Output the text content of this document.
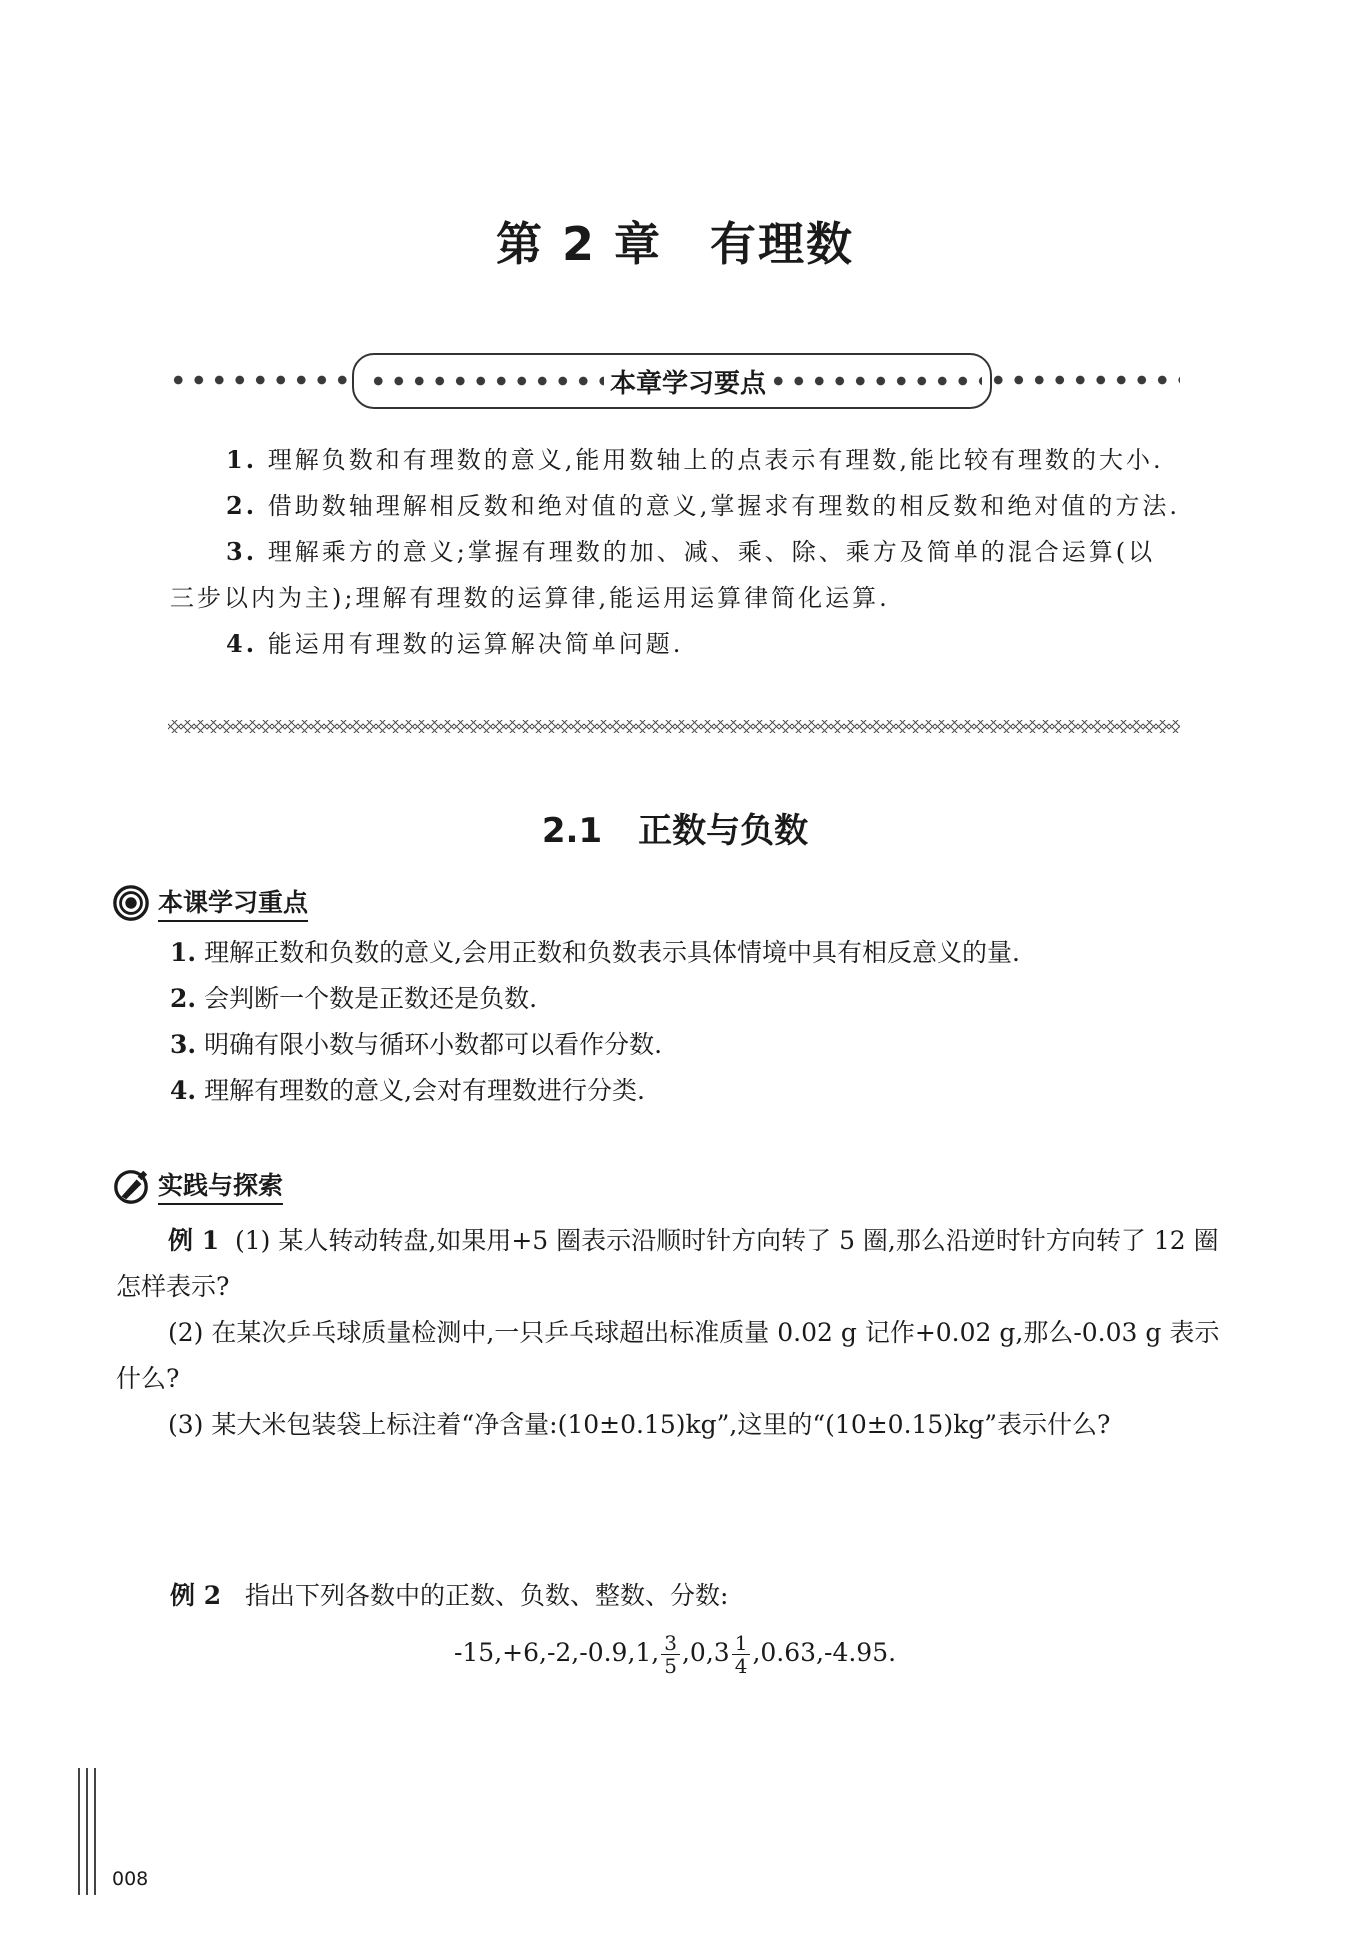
第 2 章 有理数
本章学习要点

1. 理解负数和有理数的意义,能用数轴上的点表示有理数,能比较有理数的大小.

2. 借助数轴理解相反数和绝对值的意义,掌握求有理数的相反数和绝对值的方法.

3. 理解乘方的意义;掌握有理数的加、减、乘、除、乘方及简单的混合运算(以三步以内为主);理解有理数的运算律,能运用运算律简化运算.

4. 能运用有理数的运算解决简单问题.

2.1 正数与负数
本课学习重点

1. 理解正数和负数的意义,会用正数和负数表示具体情境中具有相反意义的量.

2. 会判断一个数是正数还是负数.

3. 明确有限小数与循环小数都可以看作分数.

4. 理解有理数的意义,会对有理数进行分类.

实践与探索

例 1 (1) 某人转动转盘,如果用+5 圈表示沿顺时针方向转了 5 圈,那么沿逆时针方向转了 12 圈怎样表示?

(2) 在某次乒乓球质量检测中,一只乒乓球超出标准质量 0.02 g 记作+0.02 g,那么-0.03 g 表示什么?

(3) 某大米包装袋上标注着“净含量:(10±0.15)kg”,这里的“(10±0.15)kg”表示什么?

例 2 指出下列各数中的正数、负数、整数、分数:
-15,+6,-2,-0.9,1, $\frac{3}{5} ,0,3 \frac{1}{4} ,0.63,-4.95$.
008
